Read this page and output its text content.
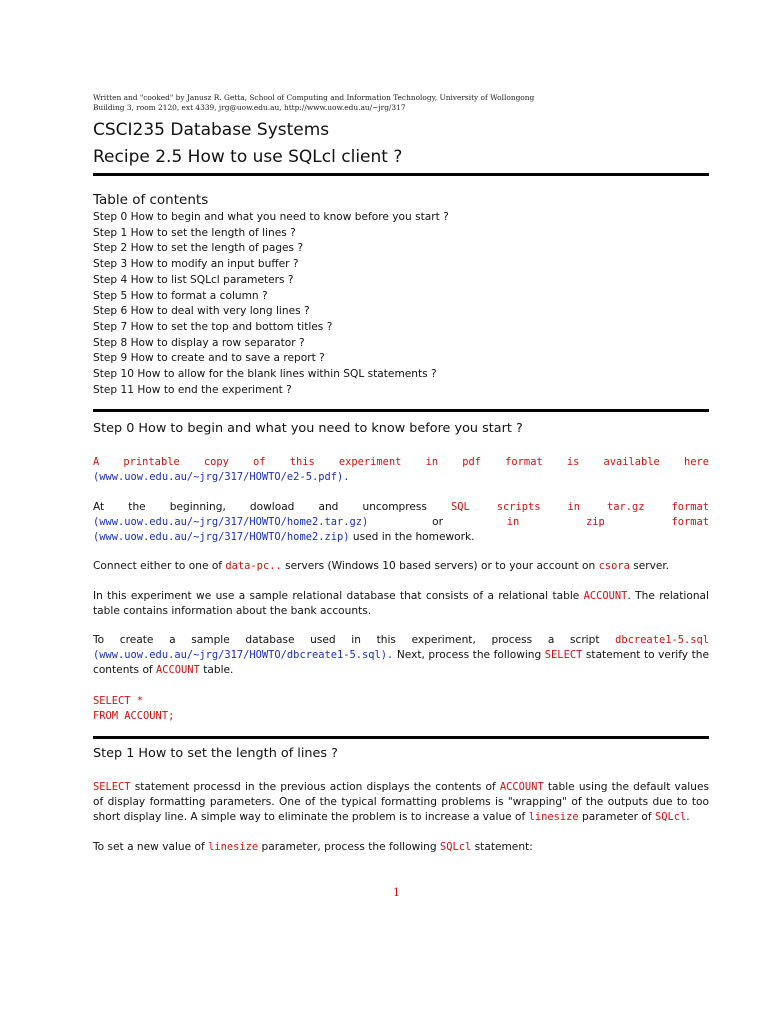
Written and "cooked" by Janusz R. Getta, School of Computing and Information Technology, University of Wollongong
Building 3, room 2120, ext 4339, jrg@uow.edu.au, http://www.uow.edu.au/~jrg/317
CSCI235 Database Systems
Recipe 2.5 How to use SQLcl client ?
Table of contents
Step 0 How to begin and what you need to know before you start ?
Step 1 How to set the length of lines ?
Step 2 How to set the length of pages ?
Step 3 How to modify an input buffer ?
Step 4 How to list SQLcl parameters ?
Step 5 How to format a column ?
Step 6 How to deal with very long lines ?
Step 7 How to set the top and bottom titles ?
Step 8 How to display a row separator ?
Step 9 How to create and to save a report ?
Step 10 How to allow for the blank lines within SQL statements ?
Step 11 How to end the experiment ?
Step 0 How to begin and what you need to know before you start ?

A printable copy of this experiment in pdf format is available here (www.uow.edu.au/~jrg/317/HOWTO/e2-5.pdf).

At the beginning, dowload and uncompress SQL scripts in tar.gz format (www.uow.edu.au/~jrg/317/HOWTO/home2.tar.gz) or in zip format (www.uow.edu.au/~jrg/317/HOWTO/home2.zip) used in the homework.

Connect either to one of data-pc.. servers (Windows 10 based servers) or to your account on csora server.

In this experiment we use a sample relational database that consists of a relational table ACCOUNT. The relational table contains information about the bank accounts.

To create a sample database used in this experiment, process a script dbcreate1-5.sql (www.uow.edu.au/~jrg/317/HOWTO/dbcreate1-5.sql). Next, process the following SELECT statement to verify the contents of ACCOUNT table.

SELECT *
FROM ACCOUNT;
Step 1 How to set the length of lines ?

SELECT statement processd in the previous action displays the contents of ACCOUNT table using the default values of display formatting parameters. One of the typical formatting problems is "wrapping" of the outputs due to too short display line. A simple way to eliminate the problem is to increase a value of linesize parameter of SQLcl.

To set a new value of linesize parameter, process the following SQLcl statement:

1
